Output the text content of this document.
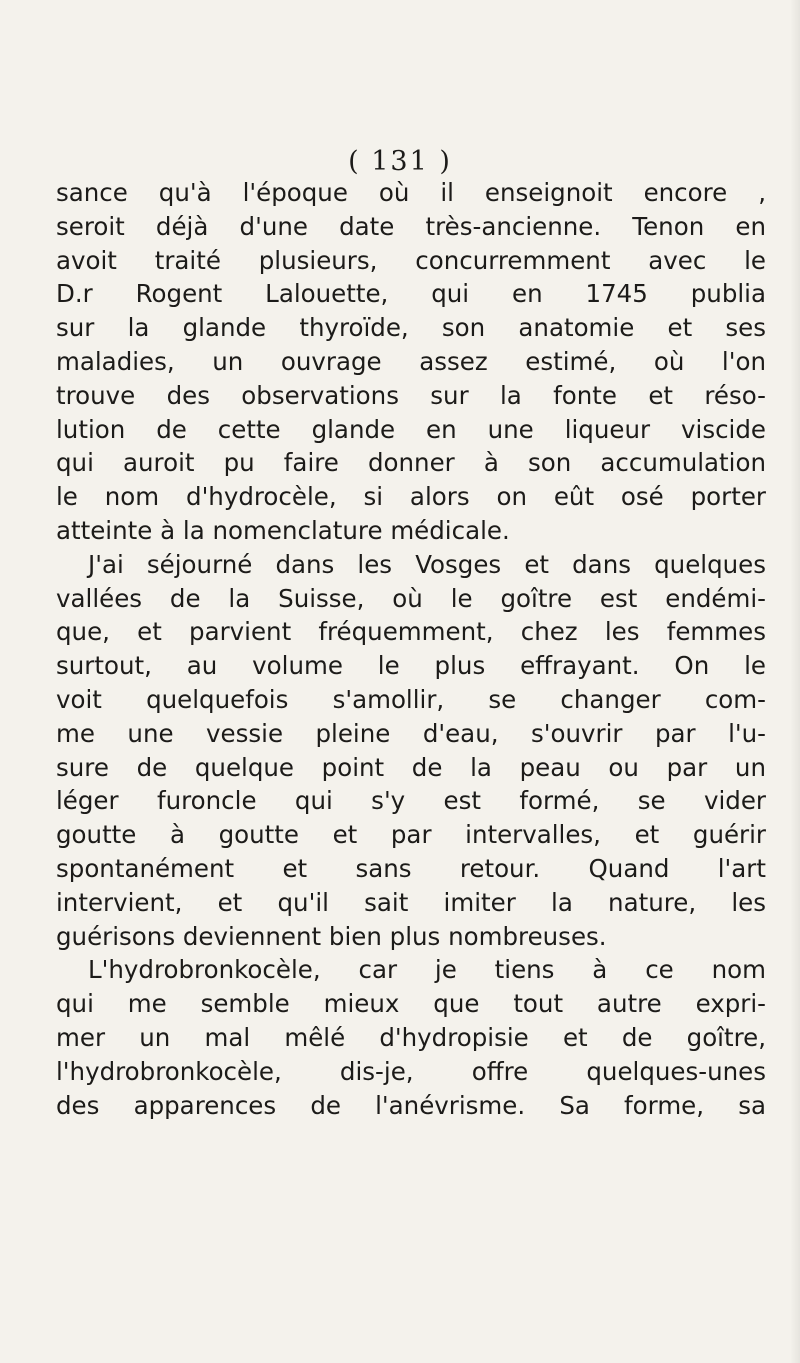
( 131 )
sance qu'à l'époque où il enseignoit encore ,
seroit déjà d'une date très-ancienne. Tenon en
avoit traité plusieurs, concurremment avec le
D.r Rogent Lalouette, qui en 1745 publia
sur la glande thyroïde, son anatomie et ses
maladies, un ouvrage assez estimé, où l'on
trouve des observations sur la fonte et réso-
lution de cette glande en une liqueur viscide
qui auroit pu faire donner à son accumulation
le nom d'hydrocèle, si alors on eût osé porter
atteinte à la nomenclature médicale.
J'ai séjourné dans les Vosges et dans quelques
vallées de la Suisse, où le goître est endémi-
que, et parvient fréquemment, chez les femmes
surtout, au volume le plus effrayant. On le
voit quelquefois s'amollir, se changer com-
me une vessie pleine d'eau, s'ouvrir par l'u-
sure de quelque point de la peau ou par un
léger furoncle qui s'y est formé, se vider
goutte à goutte et par intervalles, et guérir
spontanément et sans retour. Quand l'art
intervient, et qu'il sait imiter la nature, les
guérisons deviennent bien plus nombreuses.
L'hydrobronkocèle, car je tiens à ce nom
qui me semble mieux que tout autre expri-
mer un mal mêlé d'hydropisie et de goître,
l'hydrobronkocèle, dis-je, offre quelques-unes
des apparences de l'anévrisme. Sa forme, sa
